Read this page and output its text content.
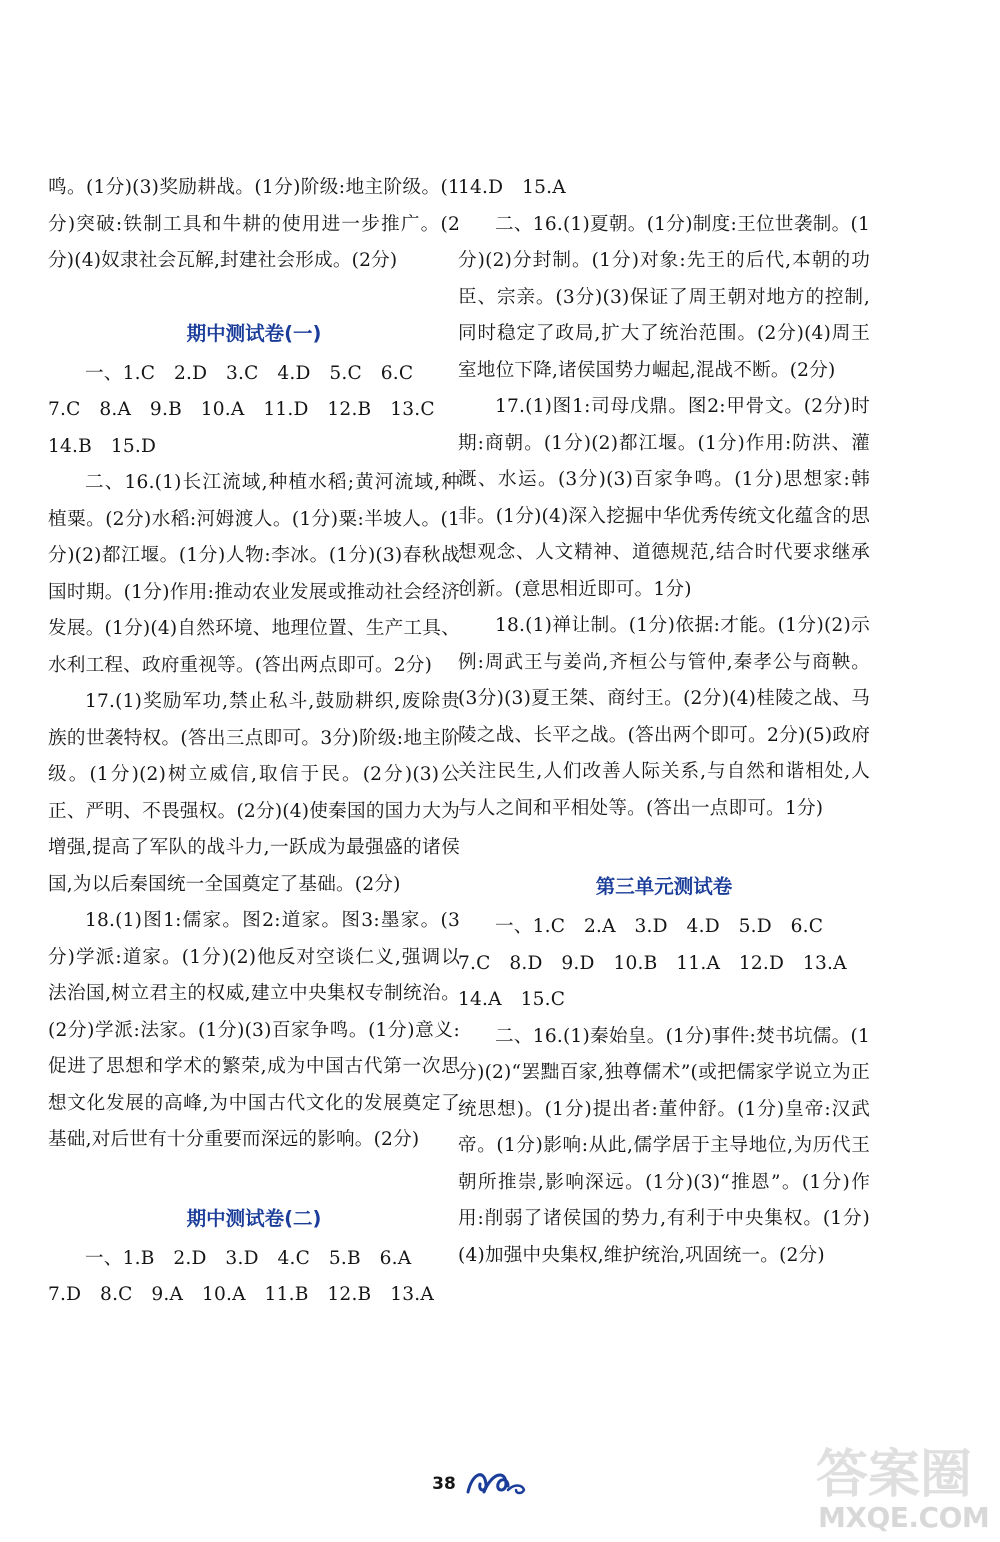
鸣。(1分)(3)奖励耕战。(1分)阶级:地主阶级。(1分)突破:铁制工具和牛耕的使用进一步推广。(2分)(4)奴隶社会瓦解,封建社会形成。(2分)

期中测试卷(一)

一、1.C　2.D　3.C　4.D　5.C　6.C

7.C　8.A　9.B　10.A　11.D　12.B　13.C

14.B　15.D

二、16.(1)长江流域,种植水稻;黄河流域,种植粟。(2分)水稻:河姆渡人。(1分)粟:半坡人。(1分)(2)都江堰。(1分)人物:李冰。(1分)(3)春秋战国时期。(1分)作用:推动农业发展或推动社会经济发展。(1分)(4)自然环境、地理位置、生产工具、水利工程、政府重视等。(答出两点即可。2分)

17.(1)奖励军功,禁止私斗,鼓励耕织,废除贵族的世袭特权。(答出三点即可。3分)阶级:地主阶级。(1分)(2)树立威信,取信于民。(2分)(3)公正、严明、不畏强权。(2分)(4)使秦国的国力大为增强,提高了军队的战斗力,一跃成为最强盛的诸侯国,为以后秦国统一全国奠定了基础。(2分)

18.(1)图1:儒家。图2:道家。图3:墨家。(3分)学派:道家。(1分)(2)他反对空谈仁义,强调以法治国,树立君主的权威,建立中央集权专制统治。(2分)学派:法家。(1分)(3)百家争鸣。(1分)意义:促进了思想和学术的繁荣,成为中国古代第一次思想文化发展的高峰,为中国古代文化的发展奠定了基础,对后世有十分重要而深远的影响。(2分)

期中测试卷(二)

一、1.B　2.D　3.D　4.C　5.B　6.A

7.D　8.C　9.A　10.A　11.B　12.B　13.A

14.D　15.A

二、16.(1)夏朝。(1分)制度:王位世袭制。(1分)(2)分封制。(1分)对象:先王的后代,本朝的功臣、宗亲。(3分)(3)保证了周王朝对地方的控制,同时稳定了政局,扩大了统治范围。(2分)(4)周王室地位下降,诸侯国势力崛起,混战不断。(2分)

17.(1)图1:司母戊鼎。图2:甲骨文。(2分)时期:商朝。(1分)(2)都江堰。(1分)作用:防洪、灌溉、水运。(3分)(3)百家争鸣。(1分)思想家:韩非。(1分)(4)深入挖掘中华优秀传统文化蕴含的思想观念、人文精神、道德规范,结合时代要求继承创新。(意思相近即可。1分)

18.(1)禅让制。(1分)依据:才能。(1分)(2)示例:周武王与姜尚,齐桓公与管仲,秦孝公与商鞅。(3分)(3)夏王桀、商纣王。(2分)(4)桂陵之战、马陵之战、长平之战。(答出两个即可。2分)(5)政府关注民生,人们改善人际关系,与自然和谐相处,人与人之间和平相处等。(答出一点即可。1分)

第三单元测试卷

一、1.C　2.A　3.D　4.D　5.D　6.C

7.C　8.D　9.D　10.B　11.A　12.D　13.A

14.A　15.C

二、16.(1)秦始皇。(1分)事件:焚书坑儒。(1分)(2)“罢黜百家,独尊儒术”(或把儒家学说立为正统思想)。(1分)提出者:董仲舒。(1分)皇帝:汉武帝。(1分)影响:从此,儒学居于主导地位,为历代王朝所推崇,影响深远。(1分)(3)“推恩”。(1分)作用:削弱了诸侯国的势力,有利于中央集权。(1分)(4)加强中央集权,维护统治,巩固统一。(2分)

38	答案圈
MXQE.COM
